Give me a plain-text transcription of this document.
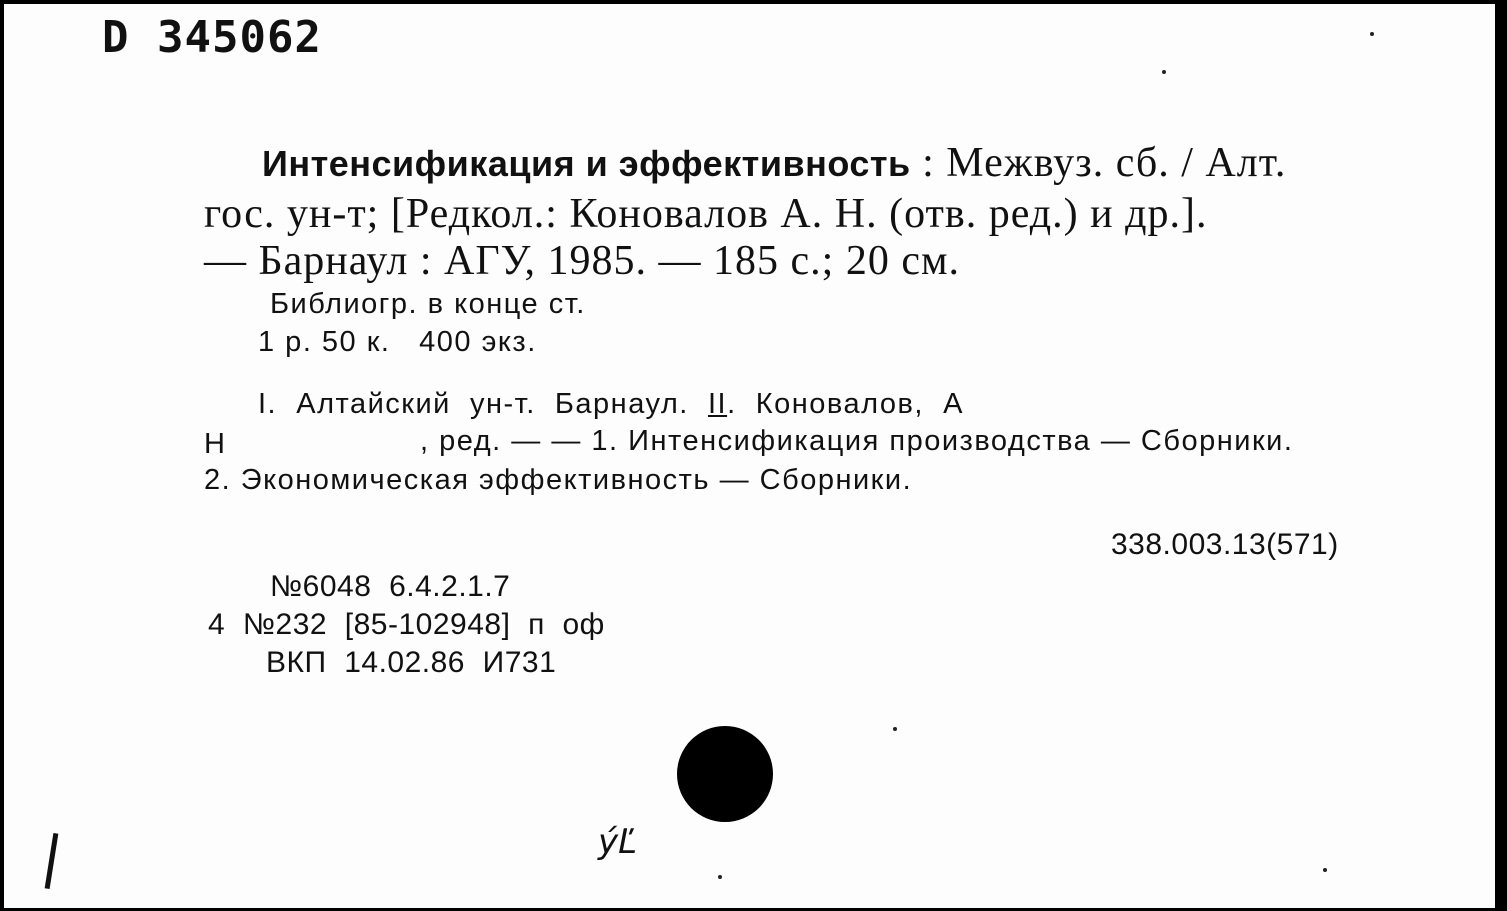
D 345062
Интенсификация и эффективность : Межвуз. сб. / Алт.
гос. ун-т; [Редкол.: Коновалов А. Н. (отв. ред.) и др.].
— Барнаул : АГУ, 1985. — 185 с.; 20 см.
Библиогр. в конце ст.
1 р. 50 к.   400 экз.
I.  Алтайский  ун-т.  Барнаул.  II.  Коновалов,  А
Н	, ред. — — 1. Интенсификация производства — Сборники.
2. Экономическая эффективность — Сборники.
338.003.13(571)
№6048  6.4.2.1.7
4  №232  [85-102948]  п  оф
ВКП  14.02.86  И731
ýĽ
